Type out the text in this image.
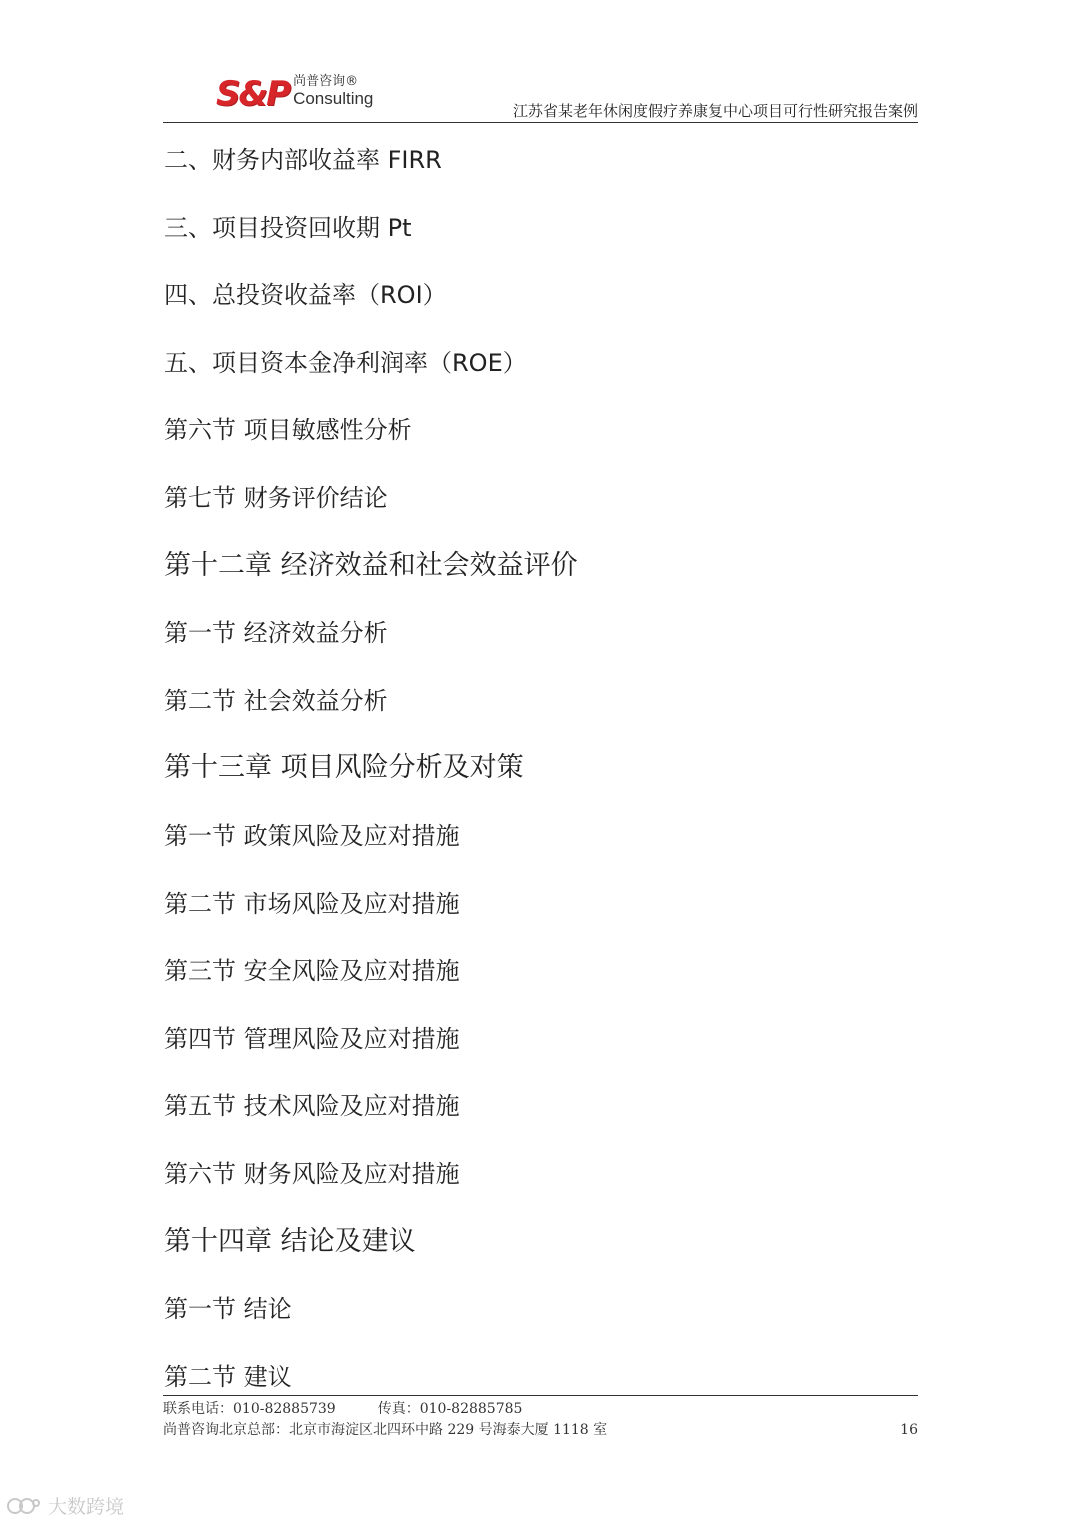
S&P 尚普咨询®
Consulting
江苏省某老年休闲度假疗养康复中心项目可行性研究报告案例
二、财务内部收益率 FIRR
三、项目投资回收期 Pt
四、总投资收益率（ROI）
五、项目资本金净利润率（ROE）
第六节 项目敏感性分析
第七节 财务评价结论
第十二章 经济效益和社会效益评价
第一节 经济效益分析
第二节 社会效益分析
第十三章 项目风险分析及对策
第一节 政策风险及应对措施
第二节 市场风险及应对措施
第三节 安全风险及应对措施
第四节 管理风险及应对措施
第五节 技术风险及应对措施
第六节 财务风险及应对措施
第十四章 结论及建议
第一节 结论
第二节 建议
联系电话：010-82885739	传真：010-82885785
尚普咨询北京总部：北京市海淀区北四环中路 229 号海泰大厦 1118 室	16
大数跨境
